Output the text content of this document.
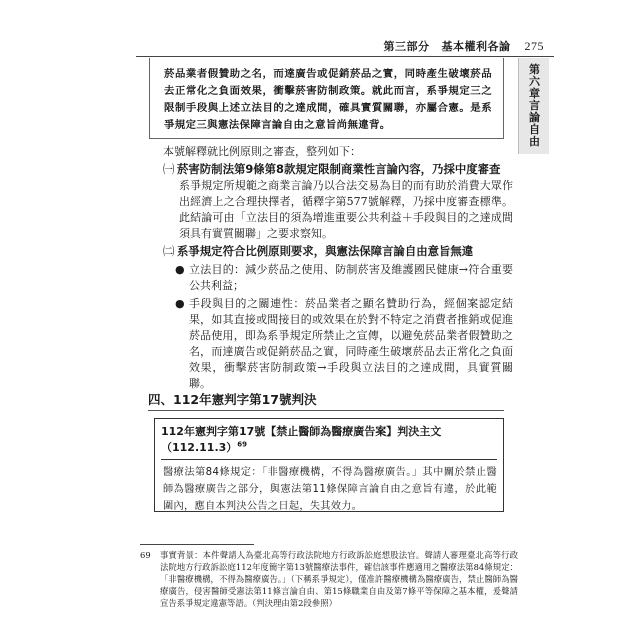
第三部分 基本權利各論 275
第六章
言論自由

菸品業者假贊助之名，而達廣告或促銷菸品之實，同時產生破壞菸品去正常化之負面效果，衝擊菸害防制政策。就此而言，系爭規定三之限制手段與上述立法目的之達成間，確具實質關聯，亦屬合憲。是系爭規定三與憲法保障言論自由之意旨尚無違背。

本號解釋就比例原則之審查，整列如下：

㈠ 菸害防制法第9條第8款規定限制商業性言論內容，乃採中度審查

系爭規定所規範之商業言論乃以合法交易為目的而有助於消費大眾作出經濟上之合理抉擇者，循釋字第577號解釋，乃採中度審查標準。此結論可由「立法目的須為增進重要公共利益＋手段與目的之達成間須具有實質關聯」之要求察知。

㈡ 系爭規定符合比例原則要求，與憲法保障言論自由意旨無違

● 立法目的：減少菸品之使用、防制菸害及維護國民健康→符合重要公共利益；
● 手段與目的之關連性：菸品業者之顯名贊助行為，經個案認定結果，如其直接或間接目的或效果在於對不特定之消費者推銷或促進菸品使用，即為系爭規定所禁止之宣傳，以避免菸品業者假贊助之名，而達廣告或促銷菸品之實，同時產生破壞菸品去正常化之負面效果，衝擊菸害防制政策→手段與立法目的之達成間，具實質關聯。
四、112年憲判字第17號判決
112年憲判字第17號【禁止醫師為醫療廣告案】判決主文$(112.11.3)^{69}$
醫療法第84條規定：「非醫療機構，不得為醫療廣告。」其中關於禁止醫師為醫療廣告之部分，與憲法第11條保障言論自由之意旨有違，於此範圍內，應自本判決公告之日起，失其效力。
69 事實背景：本件聲請人為臺北高等行政法院地方行政訴訟庭想股法官。聲請人審理臺北高等行政法院地方行政訴訟庭112年度簡字第13號醫療法事件，確信該事件應適用之醫療法第84條規定：「非醫療機構，不得為醫療廣告。」（下稱系爭規定），僅准許醫療機構為醫療廣告，禁止醫師為醫療廣告，侵害醫師受憲法第11條言論自由、第15條職業自由及第7條平等保障之基本權，爰聲請宣告系爭規定違憲等語。（判決理由第2段參照）
